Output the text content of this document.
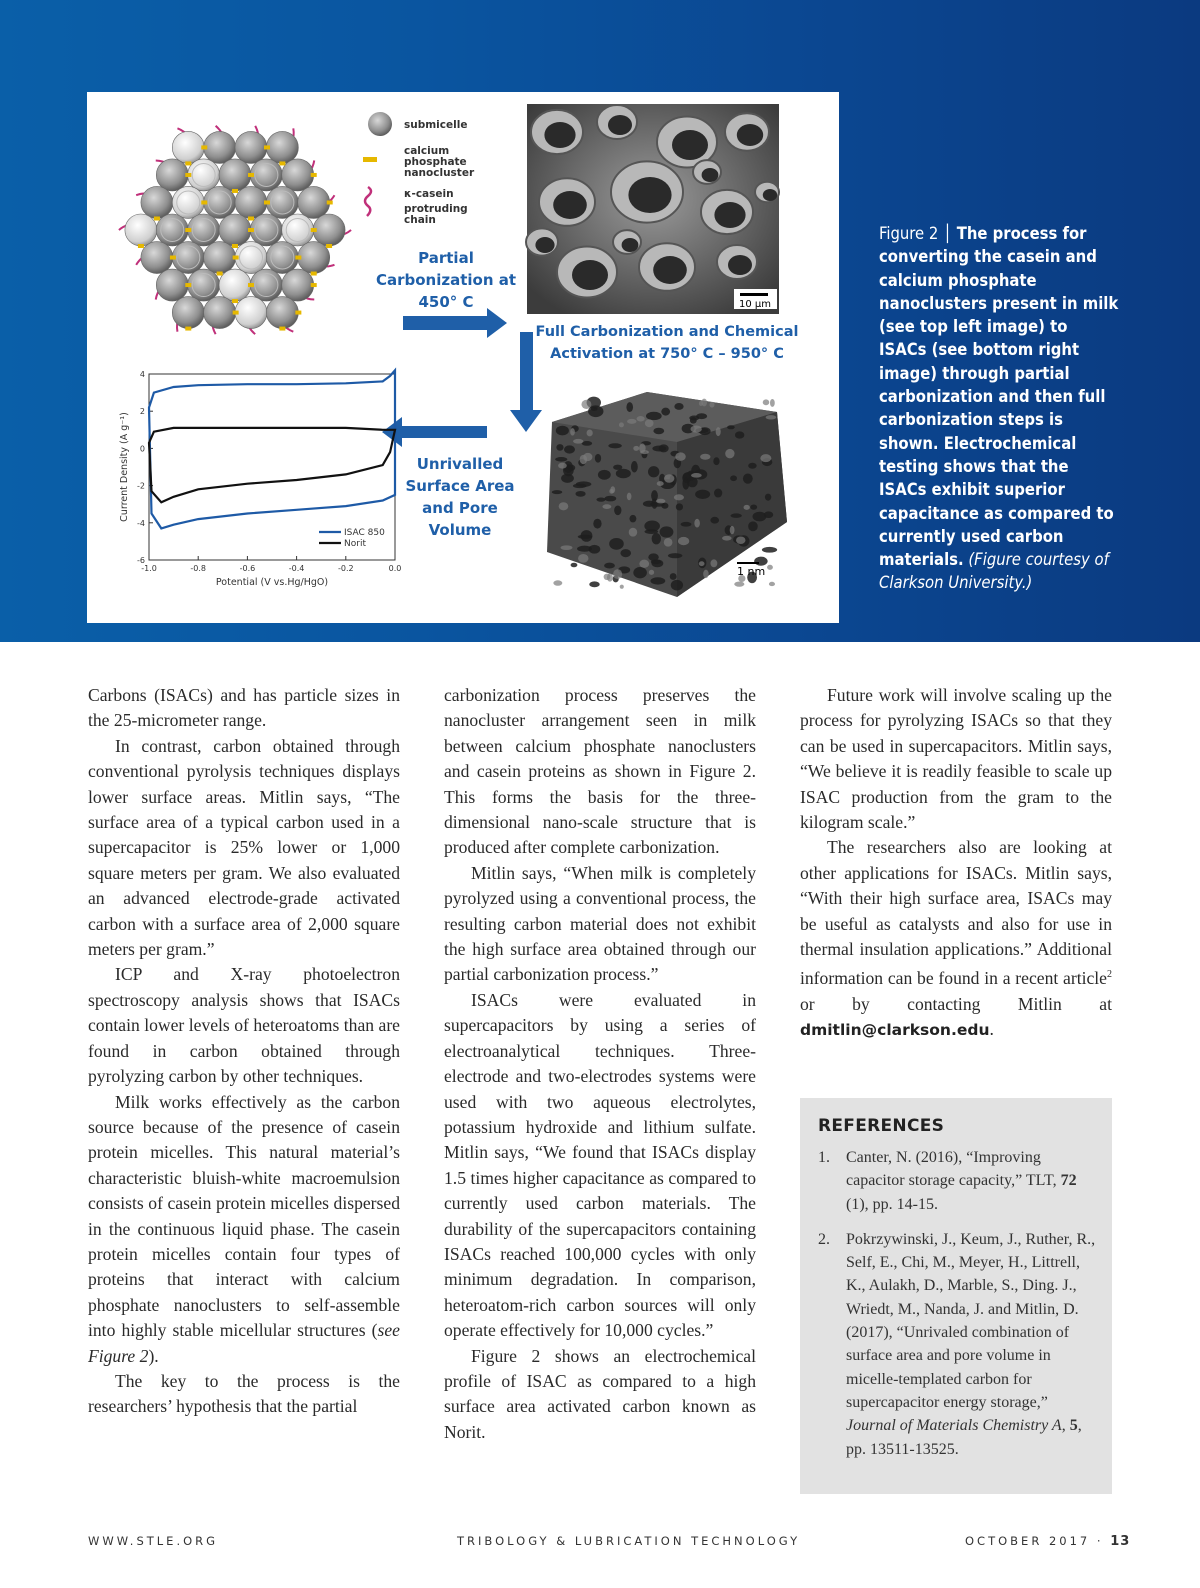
submicelle
calcium
phosphate
nanocluster
κ-casein
protruding
chain
10 μm
Partial
Carbonization at
450° C
Full Carbonization and Chemical
Activation at 750° C – 950° C
Unrivalled
Surface Area
and Pore
Volume
1 nm
4
2
0
-2
-4
-6
-1.0	-0.8	-0.6	-0.4	-0.2	0.0
ISAC 850
Norit
Potential (V vs.Hg/HgO)
Current Density (A g⁻¹)
Figure 2 │ The process for converting the casein and calcium phosphate nanoclusters present in milk (see top left image) to ISACs (see bottom right image) through partial carbonization and then full carbonization steps is shown. Electrochemical testing shows that the ISACs exhibit superior capacitance as compared to currently used carbon materials. (Figure courtesy of Clarkson University.)

Carbons (ISACs) and has particle sizes in the 25-micrometer range.

In contrast, carbon obtained through conventional pyrolysis techniques displays lower surface areas. Mitlin says, “The surface area of a typical carbon used in a supercapacitor is 25% lower or 1,000 square meters per gram. We also evaluated an advanced electrode-grade activated carbon with a surface area of 2,000 square meters per gram.”

ICP and X-ray photoelectron spectroscopy analysis shows that ISACs contain lower levels of heteroatoms than are found in carbon obtained through pyrolyzing carbon by other techniques.

Milk works effectively as the carbon source because of the presence of casein protein micelles. This natural material’s characteristic bluish-white macroemulsion consists of casein protein micelles dispersed in the continuous liquid phase. The casein protein micelles contain four types of proteins that interact with calcium phosphate nanoclusters to self-assemble into highly stable micellular structures (see Figure 2).

The key to the process is the researchers’ hypothesis that the partial

carbonization process preserves the nanocluster arrangement seen in milk between calcium phosphate nanoclusters and casein proteins as shown in Figure 2. This forms the basis for the three-dimensional nano-scale structure that is produced after complete carbonization.

Mitlin says, “When milk is completely pyrolyzed using a conventional process, the resulting carbon material does not exhibit the high surface area obtained through our partial carbonization process.”

ISACs were evaluated in supercapacitors by using a series of electroanalytical techniques. Three-electrode and two-electrodes systems were used with two aqueous electrolytes, potassium hydroxide and lithium sulfate. Mitlin says, “We found that ISACs display 1.5 times higher capacitance as compared to currently used carbon materials. The durability of the supercapacitors containing ISACs reached 100,000 cycles with only minimum degradation. In comparison, heteroatom-rich carbon sources will only operate effectively for 10,000 cycles.”

Figure 2 shows an electrochemical profile of ISAC as compared to a high surface area activated carbon known as Norit.

Future work will involve scaling up the process for pyrolyzing ISACs so that they can be used in supercapacitors. Mitlin says, “We believe it is readily feasible to scale up ISAC production from the gram to the kilogram scale.”

The researchers also are looking at other applications for ISACs. Mitlin says, “With their high surface area, ISACs may be useful as catalysts and also for use in thermal insulation applications.” Additional information can be found in a recent article$^2$ or by contacting Mitlin at dmitlin@clarkson.edu.

REFERENCES
1.	Canter, N. (2016), “Improving capacitor storage capacity,” TLT, 72 (1), pp. 14-15.
2.	Pokrzywinski, J., Keum, J., Ruther, R., Self, E., Chi, M., Meyer, H., Littrell, K., Aulakh, D., Marble, S., Ding. J., Wriedt, M., Nanda, J. and Mitlin, D. (2017), “Unrivaled combination of surface area and pore volume in micelle-templated carbon for supercapacitor energy storage,” Journal of Materials Chemistry A, 5, pp. 13511-13525.
WWW.STLE.ORG	TRIBOLOGY & LUBRICATION TECHNOLOGY	OCTOBER 2017 · 13
